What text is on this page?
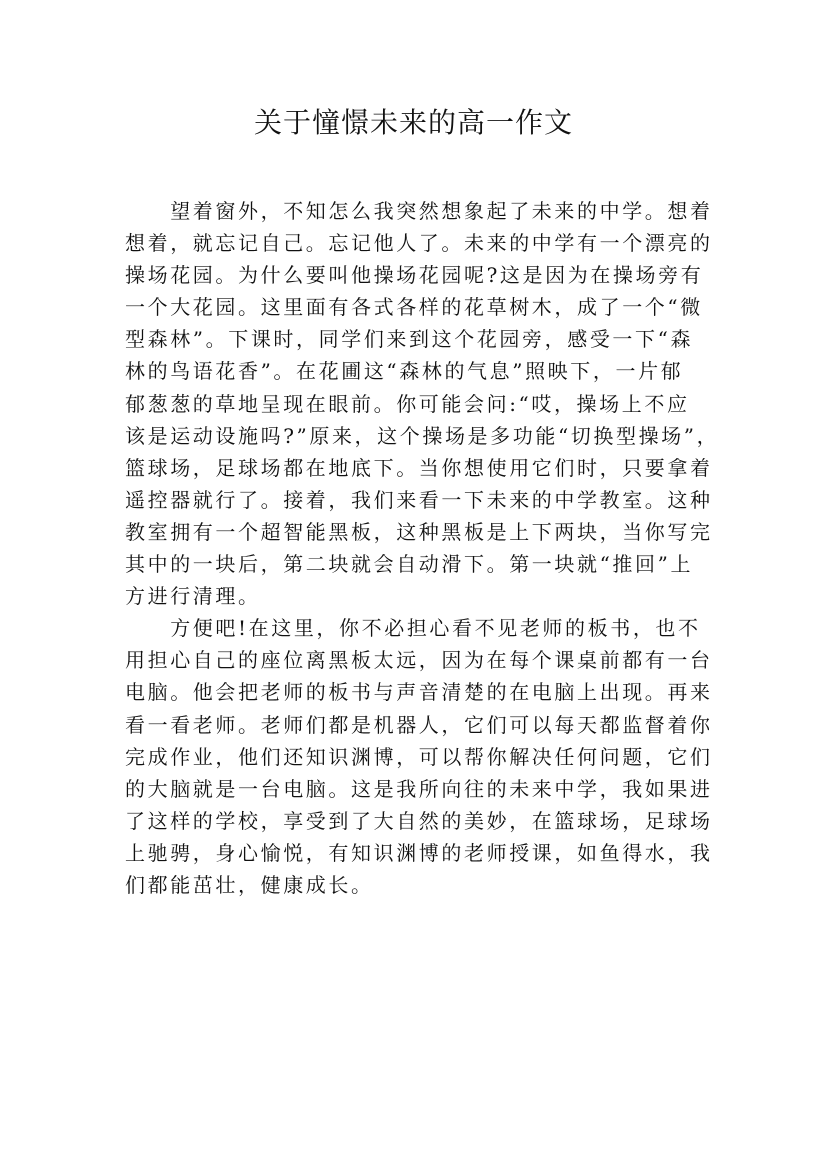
关于憧憬未来的高一作文
　　望着窗外，不知怎么我突然想象起了未来的中学。想着
想着，就忘记自己。忘记他人了。未来的中学有一个漂亮的
操场花园。为什么要叫他操场花园呢?这是因为在操场旁有
一个大花园。这里面有各式各样的花草树木，成了一个“微
型森林”。下课时，同学们来到这个花园旁，感受一下“森
林的鸟语花香”。在花圃这“森林的气息”照映下，一片郁
郁葱葱的草地呈现在眼前。你可能会问:“哎，操场上不应
该是运动设施吗?”原来，这个操场是多功能“切换型操场”，
篮球场，足球场都在地底下。当你想使用它们时，只要拿着
遥控器就行了。接着，我们来看一下未来的中学教室。这种
教室拥有一个超智能黑板，这种黑板是上下两块，当你写完
其中的一块后，第二块就会自动滑下。第一块就“推回”上
方进行清理。
　　方便吧!在这里，你不必担心看不见老师的板书，也不
用担心自己的座位离黑板太远，因为在每个课桌前都有一台
电脑。他会把老师的板书与声音清楚的在电脑上出现。再来
看一看老师。老师们都是机器人，它们可以每天都监督着你
完成作业，他们还知识渊博，可以帮你解决任何问题，它们
的大脑就是一台电脑。这是我所向往的未来中学，我如果进
了这样的学校，享受到了大自然的美妙，在篮球场，足球场
上驰骋，身心愉悦，有知识渊博的老师授课，如鱼得水，我
们都能茁壮，健康成长。
